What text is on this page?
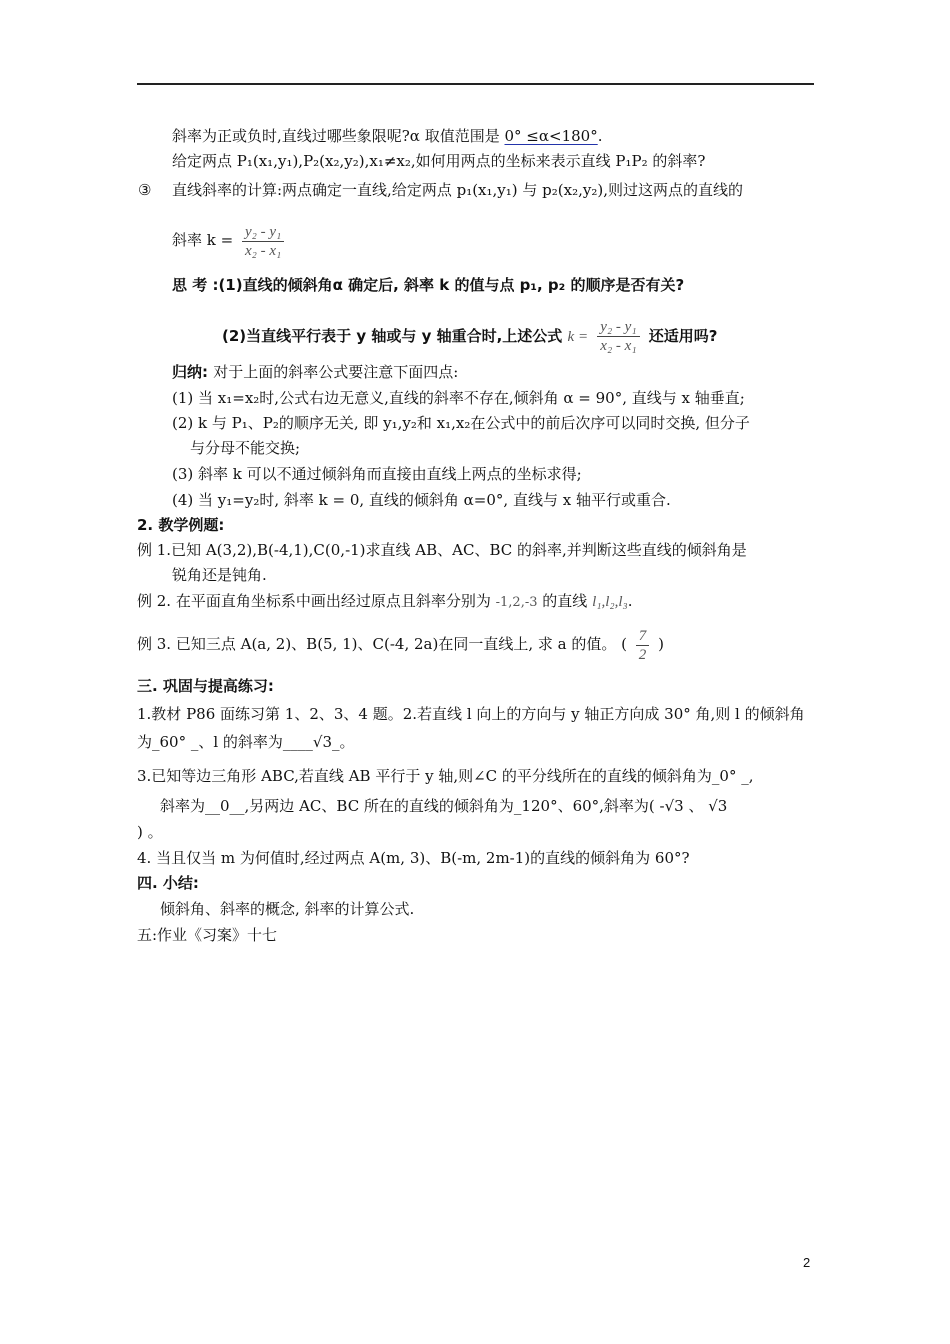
斜率为正或负时,直线过哪些象限呢?α 取值范围是 0° ≤α<180°.
给定两点 P₁(x₁,y₁),P₂(x₂,y₂),x₁≠x₂,如何用两点的坐标来表示直线 P₁P₂ 的斜率?
③ 直线斜率的计算:两点确定一直线,给定两点 p₁(x₁,y₁) 与 p₂(x₂,y₂),则过这两点的直线的
斜率 $k = \frac{\text{y₂ - y₁}}{\text{x₂ - x₁}}$
思 考 :(1)直线的倾斜角α 确定后, 斜率 k 的值与点 p₁, p₂ 的顺序是否有关?
(2)当直线平行表于 y 轴或与 y 轴重合时,上述公式 $k = \frac{\text{y₂ - y₁}}{\text{x₂ - x₁}}$ 还适用吗?
归纳: 对于上面的斜率公式要注意下面四点:
(1) 当 x₁=x₂时,公式右边无意义,直线的斜率不存在,倾斜角 α = 90°, 直线与 x 轴垂直;
(2) k 与 P₁、P₂的顺序无关, 即 y₁,y₂和 x₁,x₂在公式中的前后次序可以同时交换, 但分子
与分母不能交换;
(3) 斜率 k 可以不通过倾斜角而直接由直线上两点的坐标求得;
(4) 当 y₁=y₂时, 斜率 k = 0, 直线的倾斜角 α=0°, 直线与 x 轴平行或重合.
2. 教学例题:
例 1.已知 A(3,2),B(-4,1),C(0,-1)求直线 AB、AC、BC 的斜率,并判断这些直线的倾斜角是
锐角还是钝角.
例 2. 在平面直角坐标系中画出经过原点且斜率分别为 -1,2,-3 的直线 l₁,l₂,l₃.
例 3. 已知三点 A(a, 2)、B(5, 1)、C(-4, 2a)在同一直线上, 求 a 的值。 ( $\frac{7}{2}$ )
三. 巩固与提高练习:
1.教材 P86 面练习第 1、2、3、4 题。2.若直线 l 向上的方向与 y 轴正方向成 30° 角,则 l 的倾斜角
为_60° _、l 的斜率为____√3_。
3.已知等边三角形 ABC,若直线 AB 平行于 y 轴,则∠C 的平分线所在的直线的倾斜角为_0° _,
斜率为__0__,另两边 AC、BC 所在的直线的倾斜角为_120°、60°,斜率为( -√3 、 √3
) 。
4. 当且仅当 m 为何值时,经过两点 A(m, 3)、B(-m, 2m-1)的直线的倾斜角为 60°?
四. 小结:
倾斜角、斜率的概念, 斜率的计算公式.
五:作业《习案》十七
2
